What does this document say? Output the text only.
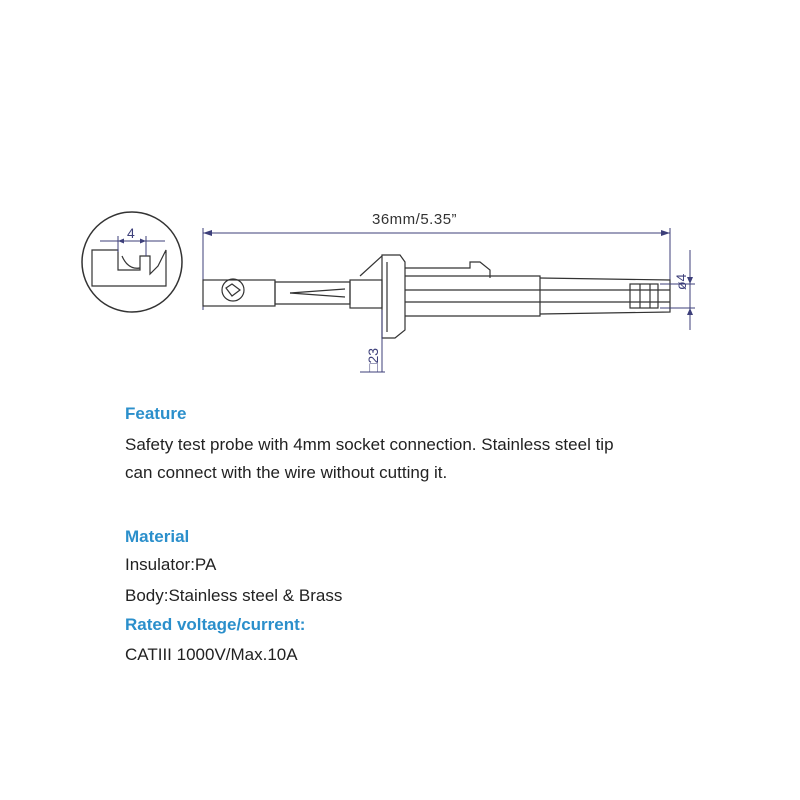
4
36mm/5.35”
ø4
□23

Feature

Safety test probe with 4mm socket connection. Stainless steel tip

can connect with the wire without cutting it.

Material

Insulator:PA

Body:Stainless steel & Brass

Rated voltage/current:

CATIII 1000V/Max.10A
